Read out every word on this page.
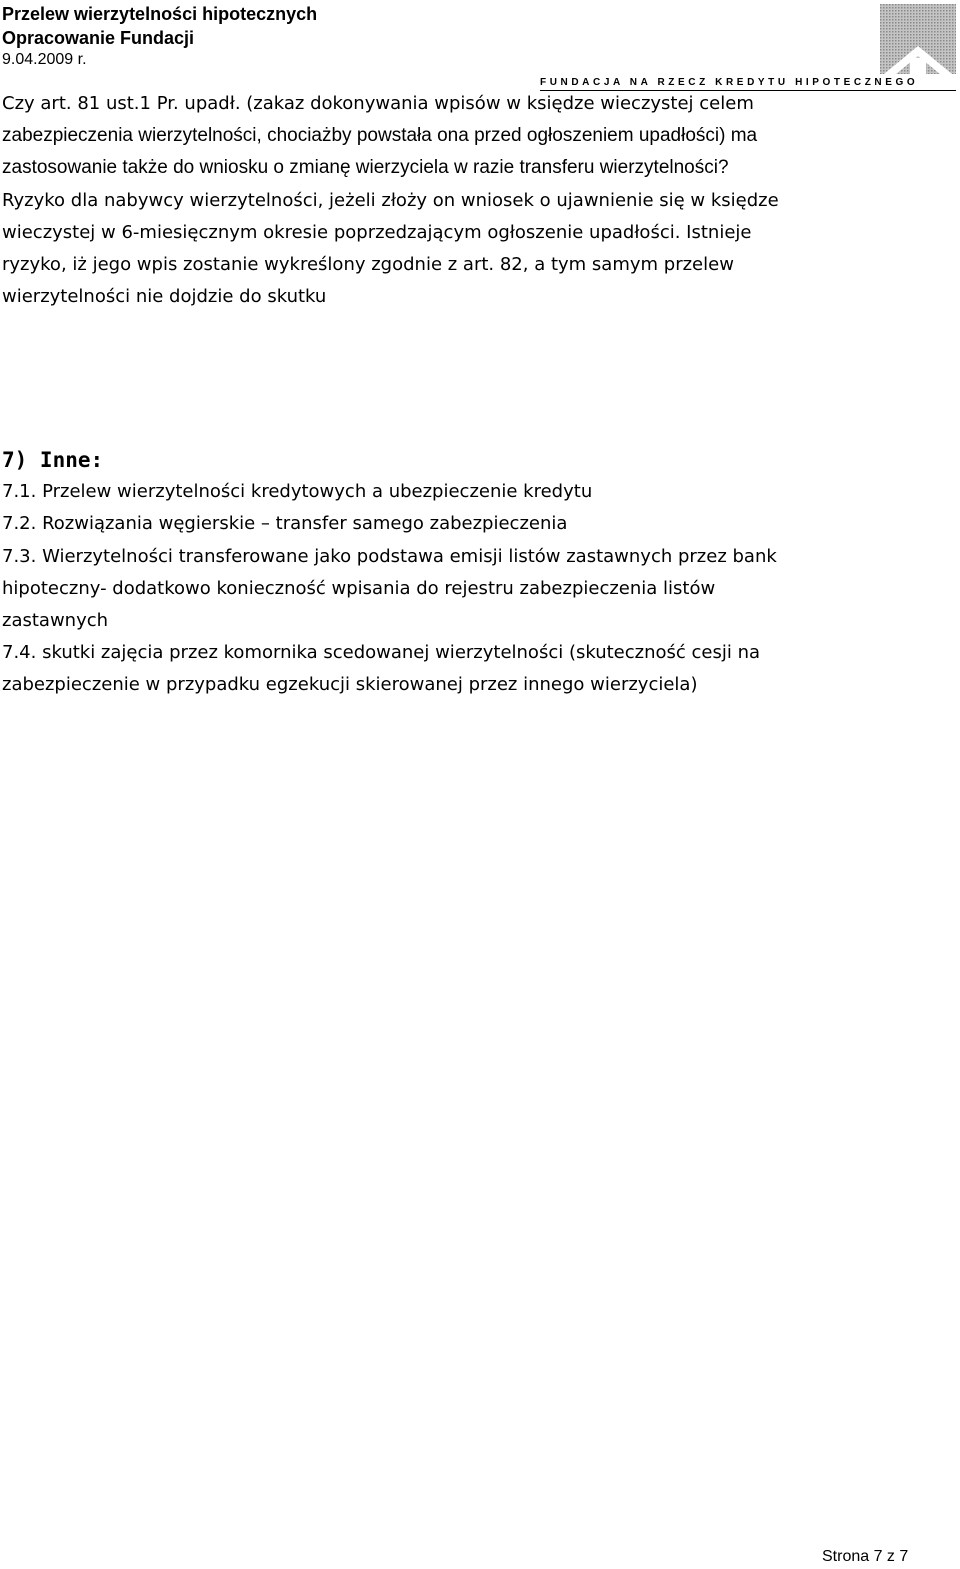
Przelew wierzytelności hipotecznych
Opracowanie Fundacji
9.04.2009 r.
FUNDACJA NA RZECZ KREDYTU HIPOTECZNEGO
Czy art. 81 ust.1 Pr. upadł. (zakaz dokonywania wpisów w księdze wieczystej celem
zabezpieczenia wierzytelności, chociażby powstała ona przed ogłoszeniem upadłości) ma
zastosowanie także do wniosku o zmianę wierzyciela w razie transferu wierzytelności?
Ryzyko dla nabywcy wierzytelności, jeżeli złoży on wniosek o ujawnienie się w księdze
wieczystej w 6-miesięcznym okresie poprzedzającym ogłoszenie upadłości. Istnieje
ryzyko, iż jego wpis zostanie wykreślony zgodnie z art. 82, a tym samym przelew
wierzytelności nie dojdzie do skutku
7) Inne:
7.1. Przelew wierzytelności kredytowych a ubezpieczenie kredytu
7.2. Rozwiązania węgierskie – transfer samego zabezpieczenia
7.3. Wierzytelności transferowane jako podstawa emisji listów zastawnych przez bank
hipoteczny- dodatkowo konieczność wpisania do rejestru zabezpieczenia listów
zastawnych
7.4. skutki zajęcia przez komornika scedowanej wierzytelności (skuteczność cesji na
zabezpieczenie w przypadku egzekucji skierowanej przez innego wierzyciela)
Strona 7 z 7
